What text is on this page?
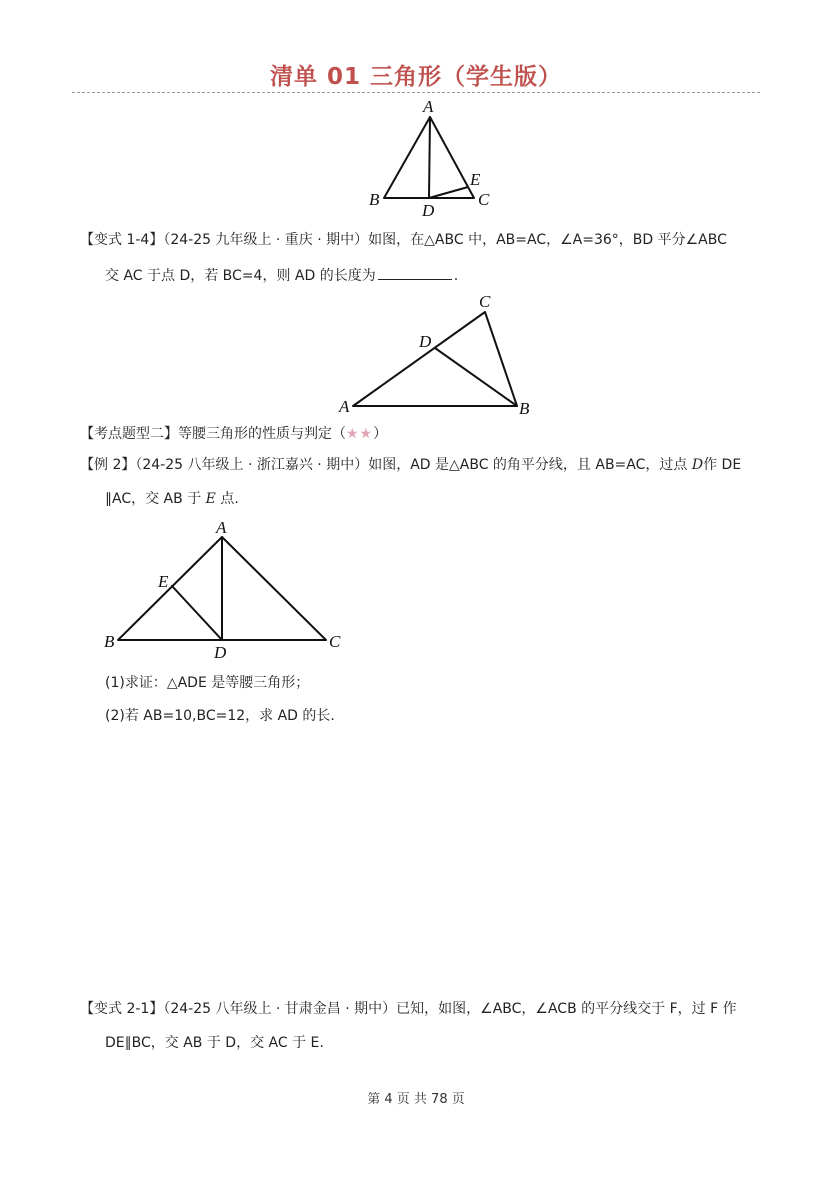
清单 01 三角形（学生版）
A
B	C
D
E
【变式 1-4】（24-25 九年级上 · 重庆 · 期中）如图，在△ABC 中，AB=AC，∠A=36°，BD 平分∠ABC
交 AC 于点 D，若 BC=4，则 AD 的长度为	.
A	B
C
D
【考点题型二】等腰三角形的性质与判定（★★）
【例 2】（24-25 八年级上 · 浙江嘉兴 · 期中）如图，AD 是△ABC 的角平分线，且 AB=AC，过点 D作 DE
∥AC，交 AB 于 E 点.
A
B	C
D
E
(1)求证：△ADE 是等腰三角形；
(2)若 AB=10,BC=12，求 AD 的长.
【变式 2-1】（24-25 八年级上 · 甘肃金昌 · 期中）已知，如图，∠ABC，∠ACB 的平分线交于 F，过 F 作
DE∥BC，交 AB 于 D，交 AC 于 E.
第 4 页 共 78 页
